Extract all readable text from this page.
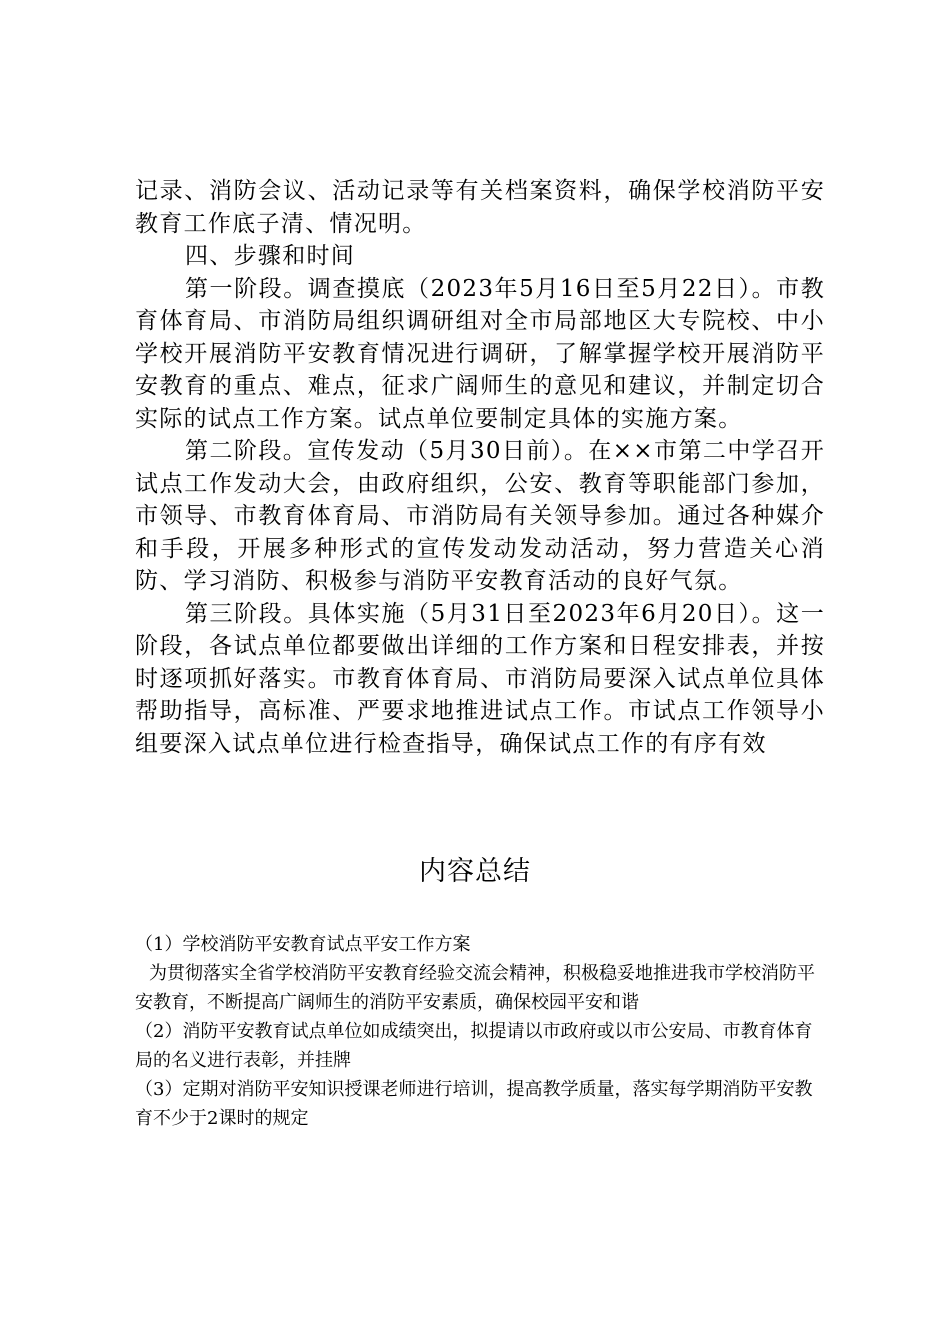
记录、消防会议、活动记录等有关档案资料，确保学校消防平安教育工作底子清、情况明。

四、步骤和时间

第一阶段。调查摸底（2023年5月16日至5月22日）。市教育体育局、市消防局组织调研组对全市局部地区大专院校、中小学校开展消防平安教育情况进行调研，了解掌握学校开展消防平安教育的重点、难点，征求广阔师生的意见和建议，并制定切合实际的试点工作方案。试点单位要制定具体的实施方案。

第二阶段。宣传发动（5月30日前）。在××市第二中学召开试点工作发动大会，由政府组织，公安、教育等职能部门参加，市领导、市教育体育局、市消防局有关领导参加。通过各种媒介和手段，开展多种形式的宣传发动发动活动，努力营造关心消防、学习消防、积极参与消防平安教育活动的良好气氛。

第三阶段。具体实施（5月31日至2023年6月20日）。这一阶段，各试点单位都要做出详细的工作方案和日程安排表，并按时逐项抓好落实。市教育体育局、市消防局要深入试点单位具体帮助指导，高标准、严要求地推进试点工作。市试点工作领导小组要深入试点单位进行检查指导，确保试点工作的有序有效

内容总结

（1）学校消防平安教育试点平安工作方案

为贯彻落实全省学校消防平安教育经验交流会精神，积极稳妥地推进我市学校消防平安教育，不断提高广阔师生的消防平安素质，确保校园平安和谐

（2）消防平安教育试点单位如成绩突出，拟提请以市政府或以市公安局、市教育体育局的名义进行表彰，并挂牌

（3）定期对消防平安知识授课老师进行培训，提高教学质量，落实每学期消防平安教育不少于2课时的规定
